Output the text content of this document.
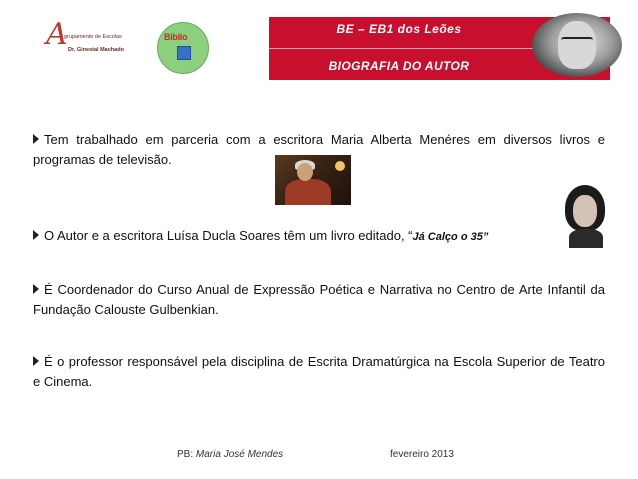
A
grupamento de Escolas
Dr. Ginestal Machado
Biblio
BE – EB1 dos Leões
BIOGRAFIA DO AUTOR
Tem trabalhado em parceria com a escritora Maria Alberta Menéres em diversos livros e programas de televisão.
O Autor e a escritora Luísa Ducla Soares têm um livro editado, “Já Calço o 35”
É Coordenador do Curso Anual de Expressão Poética e Narrativa no Centro de Arte Infantil da Fundação Calouste Gulbenkian.
É o professor responsável pela disciplina de Escrita Dramatúrgica na Escola Superior de Teatro e Cinema.
PB: Maria José Mendes	fevereiro 2013
